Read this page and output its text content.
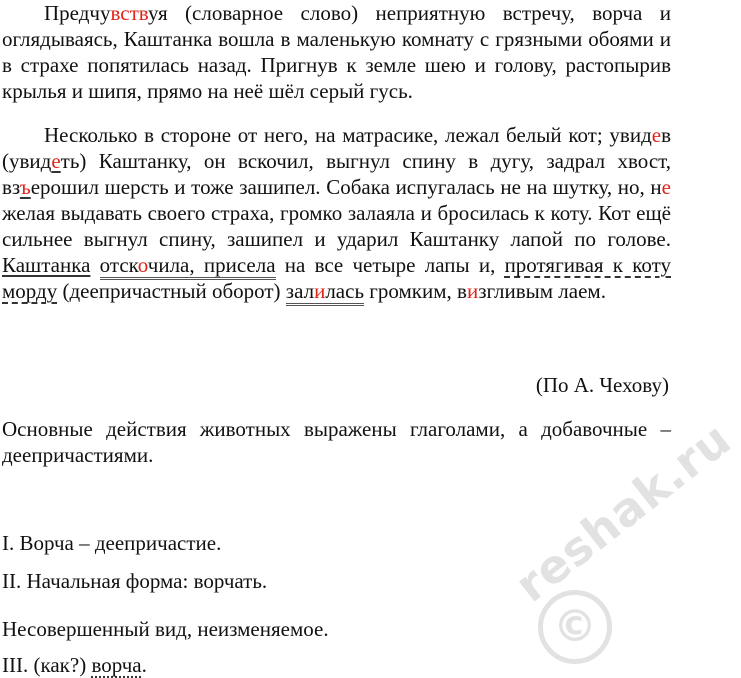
Предчувствуя (словарное слово) неприятную встречу, ворча и оглядываясь, Каштанка вошла в маленькую комнату с грязными обоями и в страхе попятилась назад. Пригнув к земле шею и голову, растопырив крылья и шипя, прямо на неё шёл серый гусь.

Несколько в стороне от него, на матрасике, лежал белый кот; увидев (увидеть) Каштанку, он вскочил, выгнул спину в дугу, задрал хвост, взъерошил шерсть и тоже зашипел. Собака испугалась не на шутку, но, не желая выдавать своего страха, громко залаяла и бросилась к коту. Кот ещё сильнее выгнул спину, зашипел и ударил Каштанку лапой по голове. Каштанка отскочила, присела на все четыре лапы и, протягивая к коту морду (деепричастный оборот) залилась громким, визгливым лаем.

(По А. Чехову)

Основные действия животных выражены глаголами, а добавочные – деепричастиями.

I. Ворча – деепричастие.
II. Начальная форма: ворчать.
Несовершенный вид, неизменяемое.
III. (как?) ворча.
reshak.ru
©
